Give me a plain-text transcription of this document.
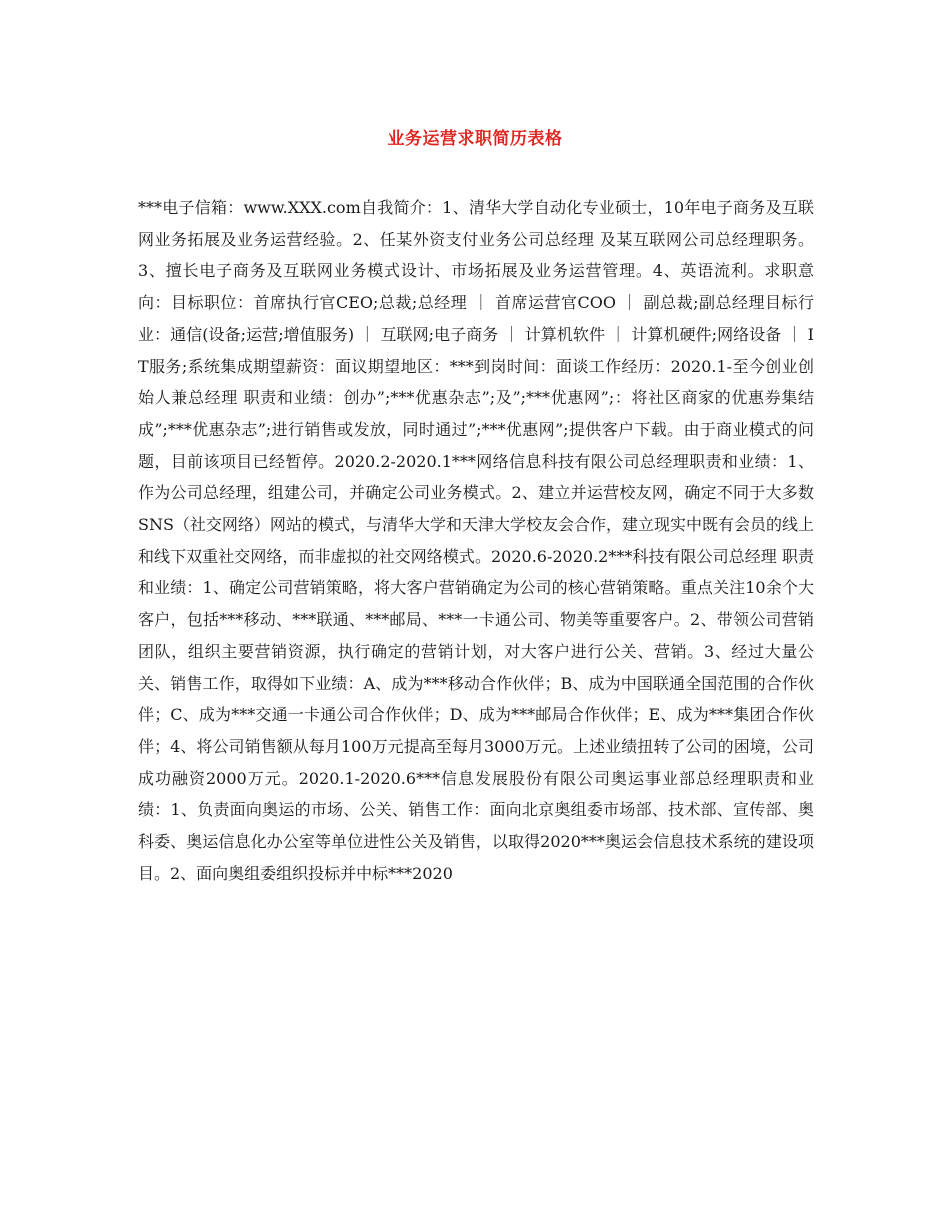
业务运营求职简历表格

***电子信箱：www.XXX.com自我简介：1、清华大学自动化专业硕士，10年电子商务及互联网业务拓展及业务运营经验。2、任某外资支付业务公司总经理 及某互联网公司总经理职务。3、擅长电子商务及互联网业务模式设计、市场拓展及业务运营管理。4、英语流利。求职意向：目标职位：首席执行官CEO;总裁;总经理 ｜ 首席运营官COO ｜ 副总裁;副总经理目标行业：通信(设备;运营;增值服务) ｜ 互联网;电子商务 ｜ 计算机软件 ｜ 计算机硬件;网络设备 ｜ IT服务;系统集成期望薪资：面议期望地区：***到岗时间：面谈工作经历：2020.1-至今创业创始人兼总经理 职责和业绩：创办”;***优惠杂志”;及”;***优惠网”;：将社区商家的优惠券集结成”;***优惠杂志”;进行销售或发放，同时通过”;***优惠网”;提供客户下载。由于商业模式的问题，目前该项目已经暂停。2020.2-2020.1***网络信息科技有限公司总经理职责和业绩：1、作为公司总经理，组建公司，并确定公司业务模式。2、建立并运营校友网，确定不同于大多数SNS（社交网络）网站的模式，与清华大学和天津大学校友会合作，建立现实中既有会员的线上和线下双重社交网络，而非虚拟的社交网络模式。2020.6-2020.2***科技有限公司总经理 职责和业绩：1、确定公司营销策略，将大客户营销确定为公司的核心营销策略。重点关注10余个大客户，包括***移动、***联通、***邮局、***一卡通公司、物美等重要客户。2、带领公司营销团队，组织主要营销资源，执行确定的营销计划，对大客户进行公关、营销。3、经过大量公关、销售工作，取得如下业绩：A、成为***移动合作伙伴；B、成为中国联通全国范围的合作伙伴；C、成为***交通一卡通公司合作伙伴；D、成为***邮局合作伙伴；E、成为***集团合作伙伴；4、将公司销售额从每月100万元提高至每月3000万元。上述业绩扭转了公司的困境，公司成功融资2000万元。2020.1-2020.6***信息发展股份有限公司奥运事业部总经理职责和业绩：1、负责面向奥运的市场、公关、销售工作：面向北京奥组委市场部、技术部、宣传部、奥科委、奥运信息化办公室等单位进性公关及销售，以取得2020***奥运会信息技术系统的建设项目。2、面向奥组委组织投标并中标***2020
